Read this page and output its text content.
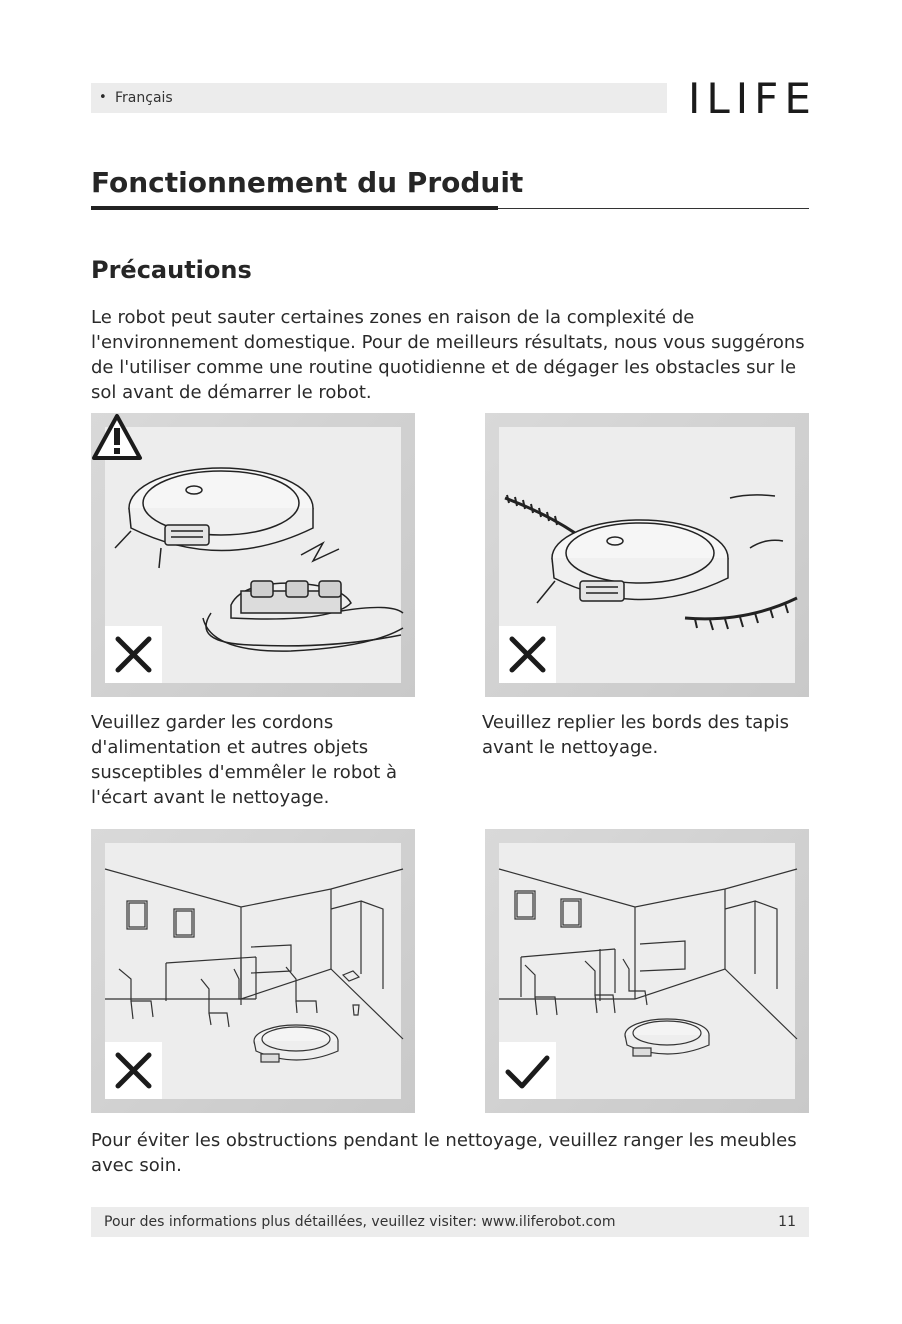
• Français	ILIFE
Fonctionnement du Produit
Précautions

Le robot peut sauter certaines zones en raison de la complexité de l'environnement domestique. Pour de meilleurs résultats, nous vous suggérons de l'utiliser comme une routine quotidienne et de dégager les obstacles sur le sol avant de démarrer le robot.

Veuillez garder les cordons d'alimentation et autres objets susceptibles d'emmêler le robot à l'écart avant le nettoyage.

Veuillez replier les bords des tapis avant le nettoyage.

Pour éviter les obstructions pendant le nettoyage, veuillez ranger les meubles avec soin.

Pour des informations plus détaillées, veuillez visiter: www.iliferobot.com	11
